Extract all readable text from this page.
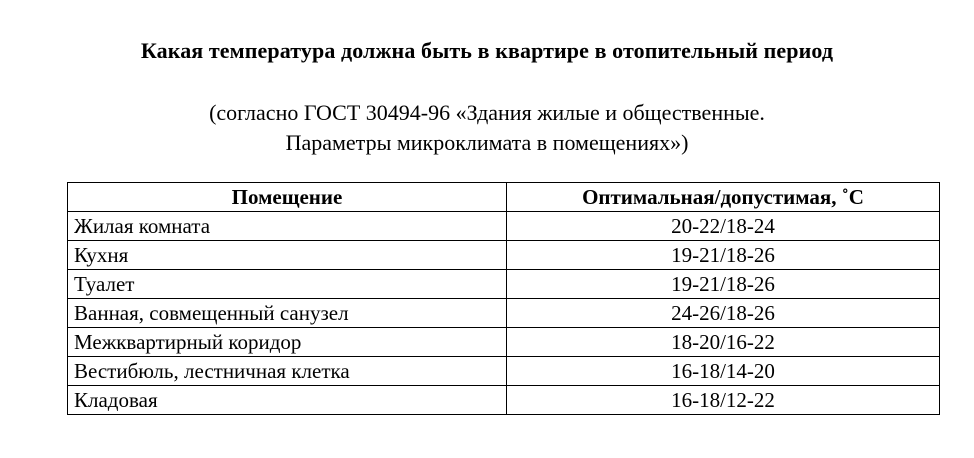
Какая температура должна быть в квартире в отопительный период
(согласно ГОСТ 30494-96 «Здания жилые и общественные.
Параметры микроклимата в помещениях»)
Помещение	Оптимальная/допустимая, ˚С
Жилая комната	20-22/18-24
Кухня	19-21/18-26
Туалет	19-21/18-26
Ванная, совмещенный санузел	24-26/18-26
Межквартирный коридор	18-20/16-22
Вестибюль, лестничная клетка	16-18/14-20
Кладовая	16-18/12-22
